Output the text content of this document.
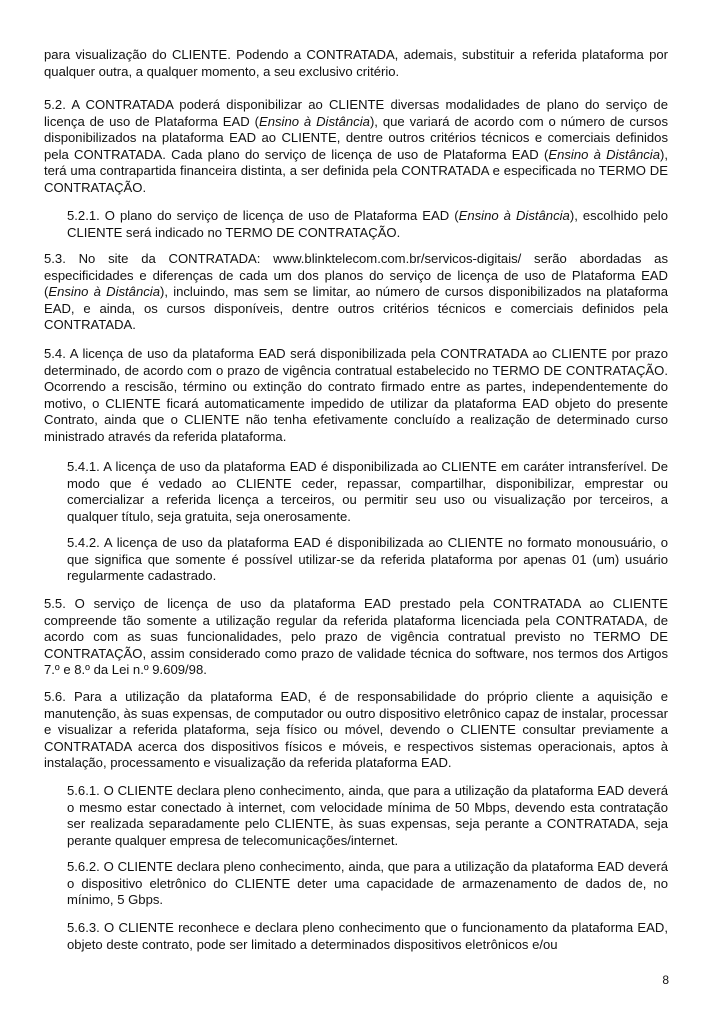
para visualização do CLIENTE. Podendo a CONTRATADA, ademais, substituir a referida plataforma por qualquer outra, a qualquer momento, a seu exclusivo critério.

5.2. A CONTRATADA poderá disponibilizar ao CLIENTE diversas modalidades de plano do serviço de licença de uso de Plataforma EAD (Ensino à Distância), que variará de acordo com o número de cursos disponibilizados na plataforma EAD ao CLIENTE, dentre outros critérios técnicos e comerciais definidos pela CONTRATADA. Cada plano do serviço de licença de uso de Plataforma EAD (Ensino à Distância), terá uma contrapartida financeira distinta, a ser definida pela CONTRATADA e especificada no TERMO DE CONTRATAÇÃO.

5.2.1. O plano do serviço de licença de uso de Plataforma EAD (Ensino à Distância), escolhido pelo CLIENTE será indicado no TERMO DE CONTRATAÇÃO.

5.3. No site da CONTRATADA: www.blinktelecom.com.br/servicos-digitais/ serão abordadas as especificidades e diferenças de cada um dos planos do serviço de licença de uso de Plataforma EAD (Ensino à Distância), incluindo, mas sem se limitar, ao número de cursos disponibilizados na plataforma EAD, e ainda, os cursos disponíveis, dentre outros critérios técnicos e comerciais definidos pela CONTRATADA.

5.4. A licença de uso da plataforma EAD será disponibilizada pela CONTRATADA ao CLIENTE por prazo determinado, de acordo com o prazo de vigência contratual estabelecido no TERMO DE CONTRATAÇÃO. Ocorrendo a rescisão, término ou extinção do contrato firmado entre as partes, independentemente do motivo, o CLIENTE ficará automaticamente impedido de utilizar da plataforma EAD objeto do presente Contrato, ainda que o CLIENTE não tenha efetivamente concluído a realização de determinado curso ministrado através da referida plataforma.

5.4.1. A licença de uso da plataforma EAD é disponibilizada ao CLIENTE em caráter intransferível. De modo que é vedado ao CLIENTE ceder, repassar, compartilhar, disponibilizar, emprestar ou comercializar a referida licença a terceiros, ou permitir seu uso ou visualização por terceiros, a qualquer título, seja gratuita, seja onerosamente.

5.4.2. A licença de uso da plataforma EAD é disponibilizada ao CLIENTE no formato monousuário, o que significa que somente é possível utilizar-se da referida plataforma por apenas 01 (um) usuário regularmente cadastrado.

5.5. O serviço de licença de uso da plataforma EAD prestado pela CONTRATADA ao CLIENTE compreende tão somente a utilização regular da referida plataforma licenciada pela CONTRATADA, de acordo com as suas funcionalidades, pelo prazo de vigência contratual previsto no TERMO DE CONTRATAÇÃO, assim considerado como prazo de validade técnica do software, nos termos dos Artigos 7.º e 8.º da Lei n.º 9.609/98.

5.6. Para a utilização da plataforma EAD, é de responsabilidade do próprio cliente a aquisição e manutenção, às suas expensas, de computador ou outro dispositivo eletrônico capaz de instalar, processar e visualizar a referida plataforma, seja físico ou móvel, devendo o CLIENTE consultar previamente a CONTRATADA acerca dos dispositivos físicos e móveis, e respectivos sistemas operacionais, aptos à instalação, processamento e visualização da referida plataforma EAD.

5.6.1. O CLIENTE declara pleno conhecimento, ainda, que para a utilização da plataforma EAD deverá o mesmo estar conectado à internet, com velocidade mínima de 50 Mbps, devendo esta contratação ser realizada separadamente pelo CLIENTE, às suas expensas, seja perante a CONTRATADA, seja perante qualquer empresa de telecomunicações/internet.

5.6.2. O CLIENTE declara pleno conhecimento, ainda, que para a utilização da plataforma EAD deverá o dispositivo eletrônico do CLIENTE deter uma capacidade de armazenamento de dados de, no mínimo, 5 Gbps.

5.6.3. O CLIENTE reconhece e declara pleno conhecimento que o funcionamento da plataforma EAD, objeto deste contrato, pode ser limitado a determinados dispositivos eletrônicos e/ou

8
